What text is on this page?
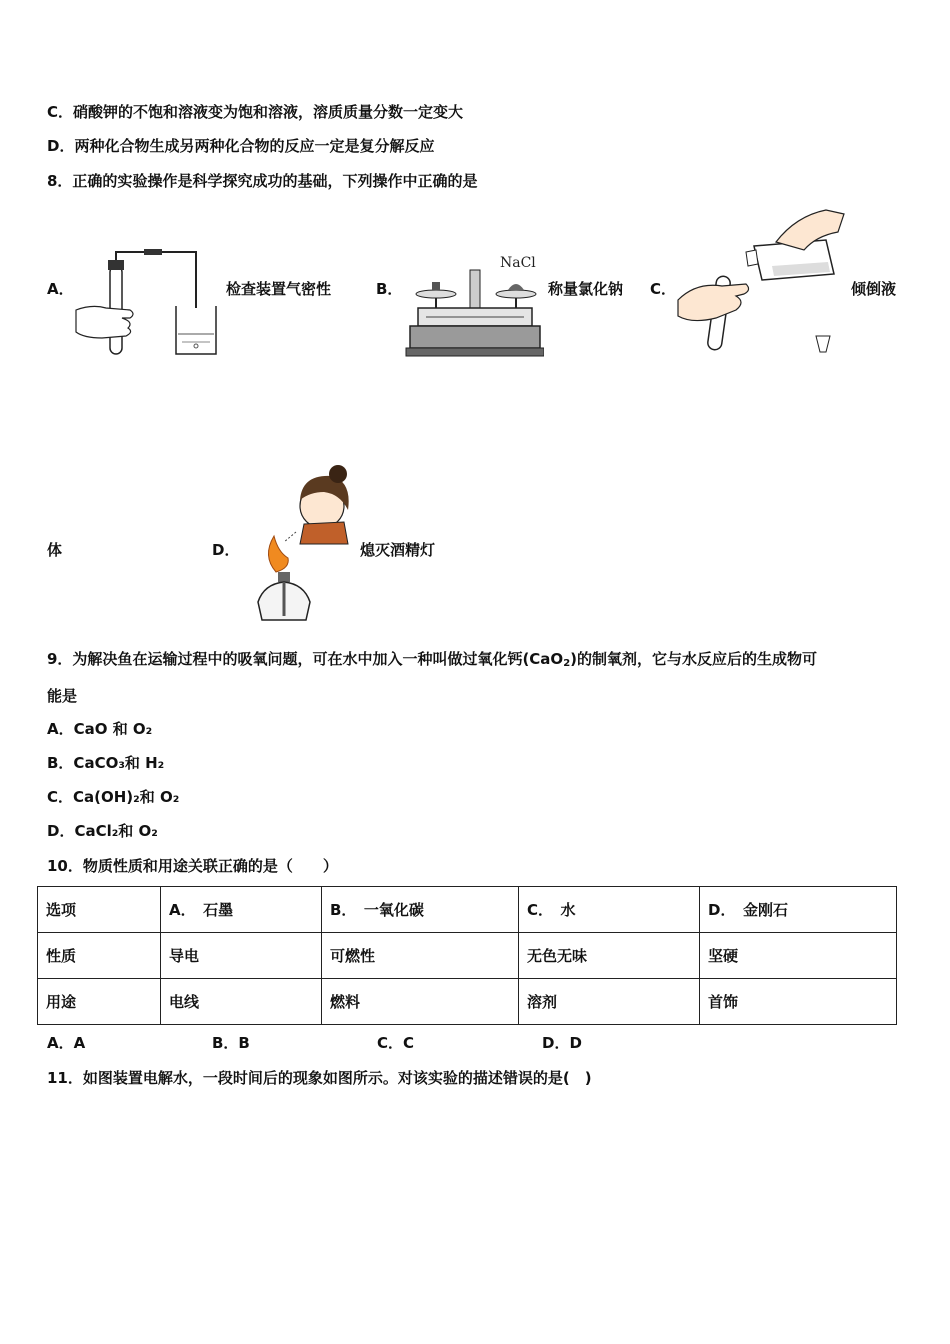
C．硝酸钾的不饱和溶液变为饱和溶液，溶质质量分数一定变大
D．两种化合物生成另两种化合物的反应一定是复分解反应
8．正确的实验操作是科学探究成功的基础，下列操作中正确的是
A．	检查装置气密性	B．
NaCl
称量氯化钠 C．	倾倒液
体	D．	熄灭酒精灯
9．为解决鱼在运输过程中的吸氧问题，可在水中加入一种叫做过氧化钙(CaO$_2$)的制氧剂，它与水反应后的生成物可
能是
A．CaO 和 O₂
B．CaCO₃和 H₂
C．Ca(OH)₂和 O₂
D．CaCl₂和 O₂
10．物质性质和用途关联正确的是（　　）
选项	A．　石墨	B．　一氧化碳	C．　水	D．　金刚石
性质	导电	可燃性	无色无味	坚硬
用途	电线	燃料	溶剂	首饰
A．A	B．B	C．C	D．D
11．如图装置电解水，一段时间后的现象如图所示。对该实验的描述错误的是(　)
